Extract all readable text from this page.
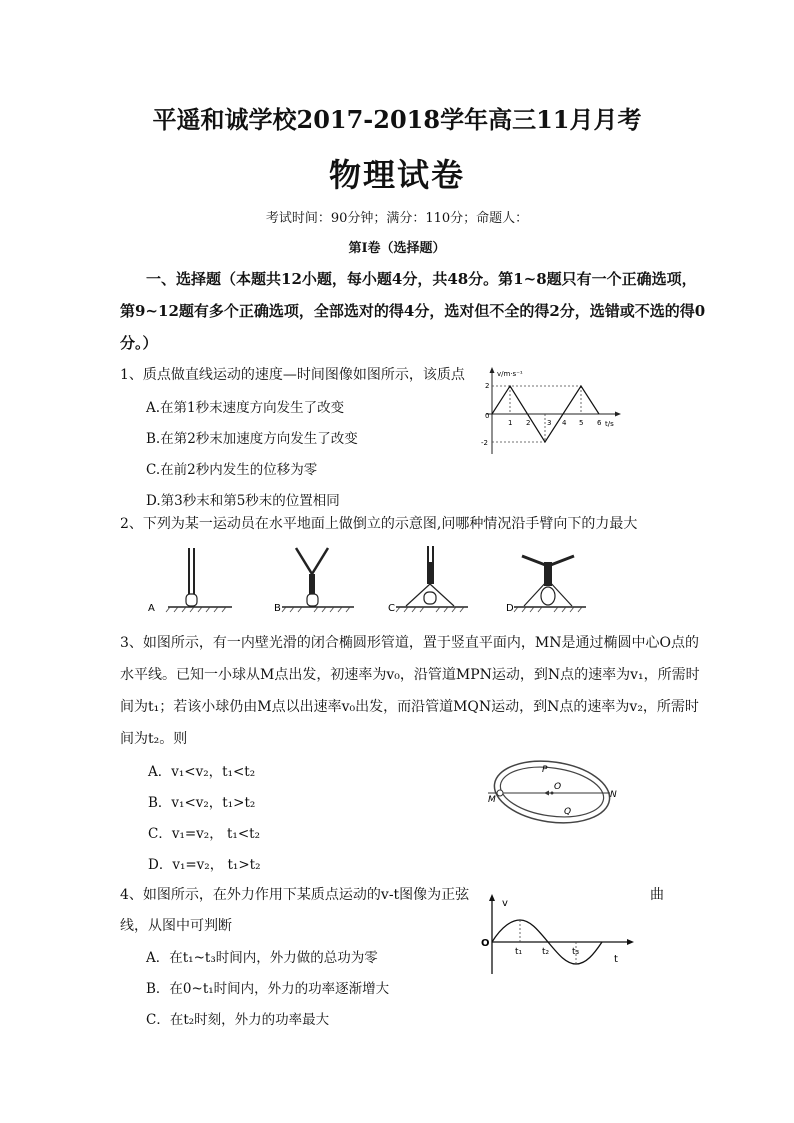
平遥和诚学校2017-2018学年高三11月月考
物理试卷
考试时间：90分钟；满分：110分；命题人：
第I卷（选择题）
一、选择题（本题共12小题，每小题4分，共48分。第1~8题只有一个正确选项，
第9~12题有多个正确选项，全部选对的得4分，选对但不全的得2分，选错或不选的得0
分。）
1、质点做直线运动的速度—时间图像如图所示，该质点
A.在第1秒末速度方向发生了改变
B.在第2秒末加速度方向发生了改变
C.在前2秒内发生的位移为零
D.第3秒末和第5秒末的位置相同
v/m·s⁻¹
t/s
0
2
-2
1 2 3 4 5 6
2、下列为某一运动员在水平地面上做倒立的示意图,问哪种情况沿手臂向下的力最大
A	B	C	D
3、如图所示，有一内壁光滑的闭合椭圆形管道，置于竖直平面内，MN是通过椭圆中心O点的
水平线。已知一小球从M点出发，初速率为v₀，沿管道MPN运动，到N点的速率为v₁，所需时
间为t₁；若该小球仍由M点以出速率v₀出发，而沿管道MQN运动，到N点的速率为v₂，所需时
间为t₂。则
A．v₁<v₂，t₁<t₂
B．v₁<v₂，t₁>t₂
C．v₁=v₂， t₁<t₂
D．v₁=v₂， t₁>t₂
P
O
M	N
Q
4、如图所示，在外力作用下某质点运动的v-t图像为正弦	曲
线，从图中可判断
A．在t₁~t₃时间内，外力做的总功为零
B．在0~t₁时间内，外力的功率逐渐增大
C．在t₂时刻，外力的功率最大
v
t
O
t₁ t₂	t₃
